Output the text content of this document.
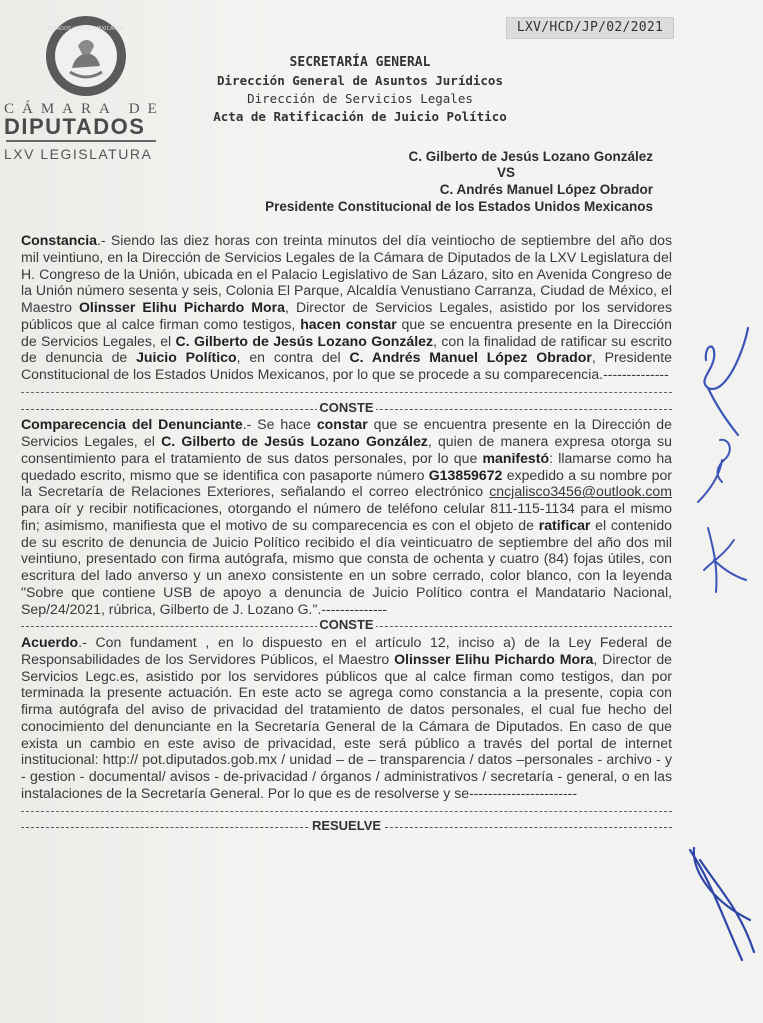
LXV/HCD/JP/02/2021
ESTADOS UNIDOS MEXICANOS
CÁMARA DE
DIPUTADOS
LXV LEGISLATURA
SECRETARÍA GENERAL
Dirección General de Asuntos Jurídicos
Dirección de Servicios Legales
Acta de Ratificación de Juicio Político
C. Gilberto de Jesús Lozano González
VS
C. Andrés Manuel López Obrador
Presidente Constitucional de los Estados Unidos Mexicanos
Constancia.- Siendo las diez horas con treinta minutos del día veintiocho de septiembre del año dos mil veintiuno, en la Dirección de Servicios Legales de la Cámara de Diputados de la LXV Legislatura del H. Congreso de la Unión, ubicada en el Palacio Legislativo de San Lázaro, sito en Avenida Congreso de la Unión número sesenta y seis, Colonia El Parque, Alcaldía Venustiano Carranza, Ciudad de México, el Maestro Olinsser Elihu Pichardo Mora, Director de Servicios Legales, asistido por los servidores públicos que al calce firman como testigos, hacen constar que se encuentra presente en la Dirección de Servicios Legales, el C. Gilberto de Jesús Lozano González, con la finalidad de ratificar su escrito de denuncia de Juicio Político, en contra del C. Andrés Manuel López Obrador, Presidente Constitucional de los Estados Unidos Mexicanos, por lo que se procede a su comparecencia.--------------
CONSTE
Comparecencia del Denunciante.- Se hace constar que se encuentra presente en la Dirección de Servicios Legales, el C. Gilberto de Jesús Lozano González, quien de manera expresa otorga su consentimiento para el tratamiento de sus datos personales, por lo que manifestó: llamarse como ha quedado escrito, mismo que se identifica con pasaporte número G13859672 expedido a su nombre por la Secretaría de Relaciones Exteriores, señalando el correo electrónico cncjalisco3456@outlook.com para oír y recibir notificaciones, otorgando el número de teléfono celular 811-115-1134 para el mismo fin; asimismo, manifiesta que el motivo de su comparecencia es con el objeto de ratificar el contenido de su escrito de denuncia de Juicio Político recibido el día veinticuatro de septiembre del año dos mil veintiuno, presentado con firma autógrafa, mismo que consta de ochenta y cuatro (84) fojas útiles, con escritura del lado anverso y un anexo consistente en un sobre cerrado, color blanco, con la leyenda "Sobre que contiene USB de apoyo a denuncia de Juicio Político contra el Mandatario Nacional, Sep/24/2021, rúbrica, Gilberto de J. Lozano G.".--------------
CONSTE
Acuerdo.- Con fundament , en lo dispuesto en el artículo 12, inciso a) de la Ley Federal de Responsabilidades de los Servidores Públicos, el Maestro Olinsser Elihu Pichardo Mora, Director de Servicios Legc.es, asistido por los servidores públicos que al calce firman como testigos, dan por terminada la presente actuación. En este acto se agrega como constancia a la presente, copia con firma autógrafa del aviso de privacidad del tratamiento de datos personales, el cual fue hecho del conocimiento del denunciante en la Secretaría General de la Cámara de Diputados. En caso de que exista un cambio en este aviso de privacidad, este será público a través del portal de internet institucional: http:// pot.diputados.gob.mx / unidad – de – transparencia / datos –personales - archivo - y - gestion - documental/ avisos - de-privacidad / órganos / administrativos / secretaría - general, o en las instalaciones de la Secretaría General. Por lo que es de resolverse y se-----------------------
RESUELVE
